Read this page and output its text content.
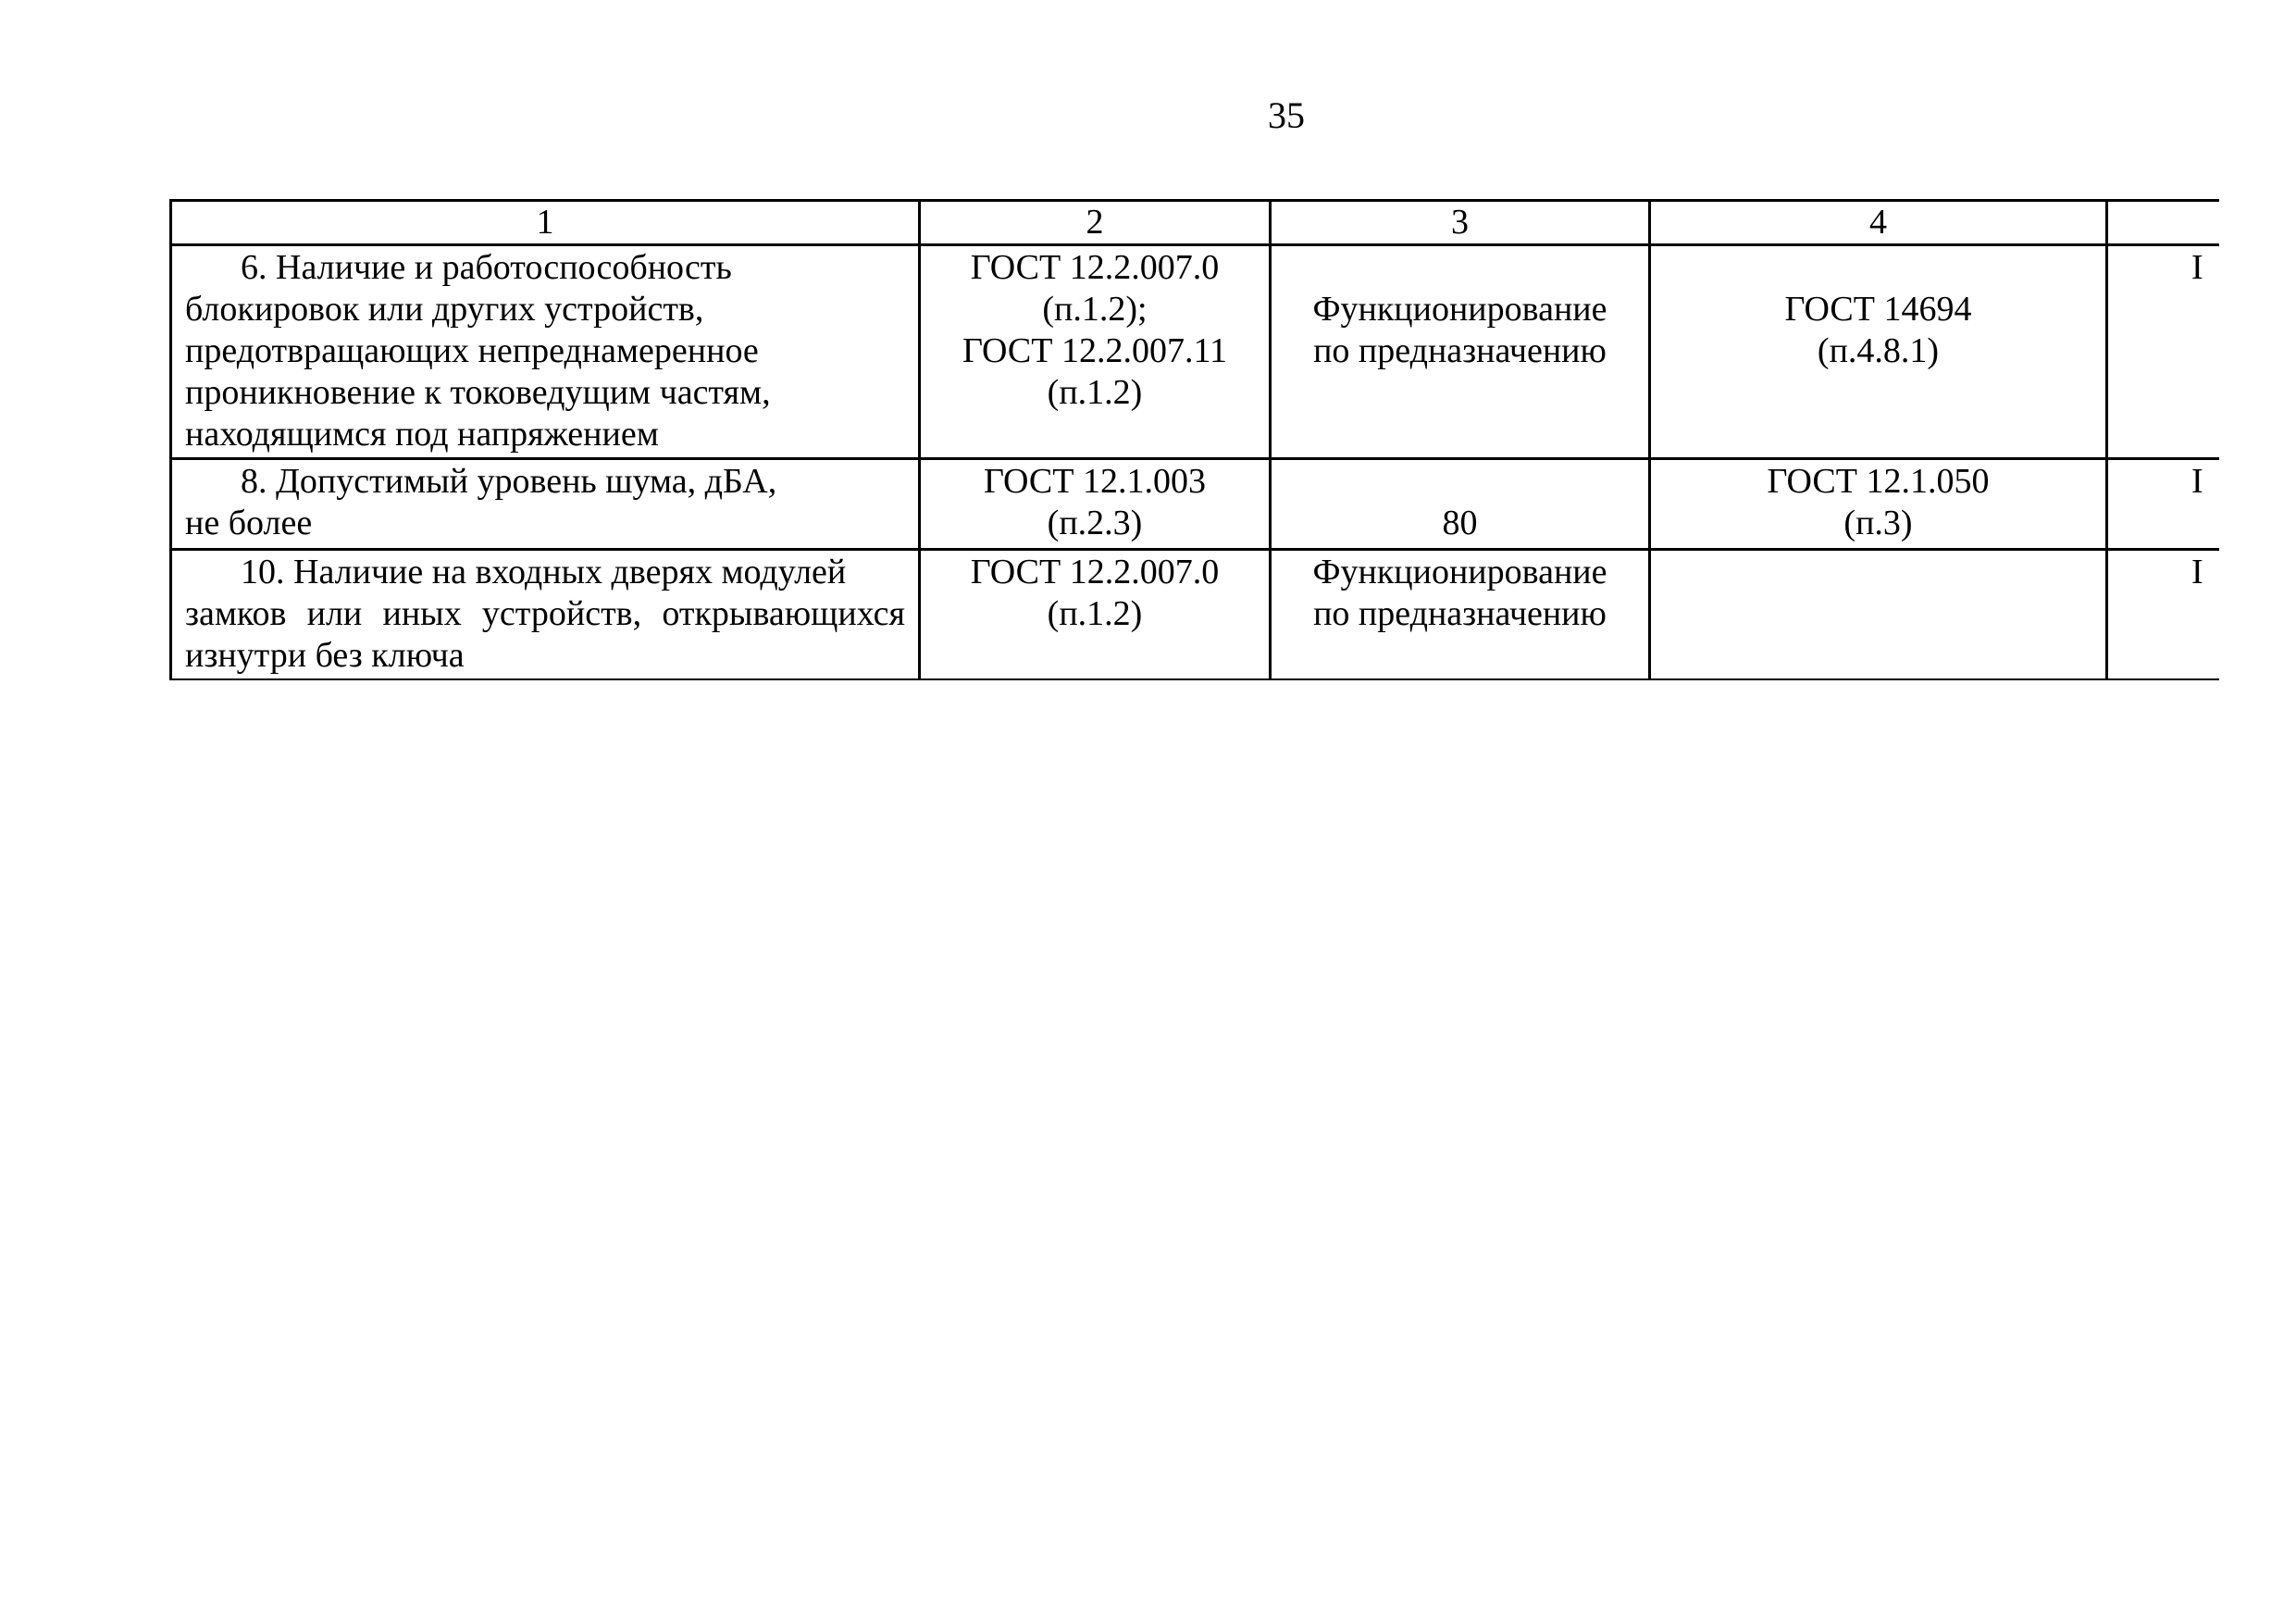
35
1	2	3	4	

6. Наличие и работоспособность
блокировок или других устройств,
предотвращающих непреднамеренное
проникновение к токоведущим частям,
находящимся под напряжением	ГОСТ 12.2.007.0
(п.1.2);
ГОСТ 12.2.007.11
(п.1.2)	Функционирование
по предназначению	ГОСТ 14694
(п.4.8.1)	І

8. Допустимый уровень шума, дБА,
не более	ГОСТ 12.1.003
(п.2.3)	80	ГОСТ 12.1.050
(п.3)	І

10. Наличие на входных дверях модулей
замков или иных устройств, открывающихся
изнутри без ключа	ГОСТ 12.2.007.0
(п.1.2)	Функционирование
по предназначению		І
